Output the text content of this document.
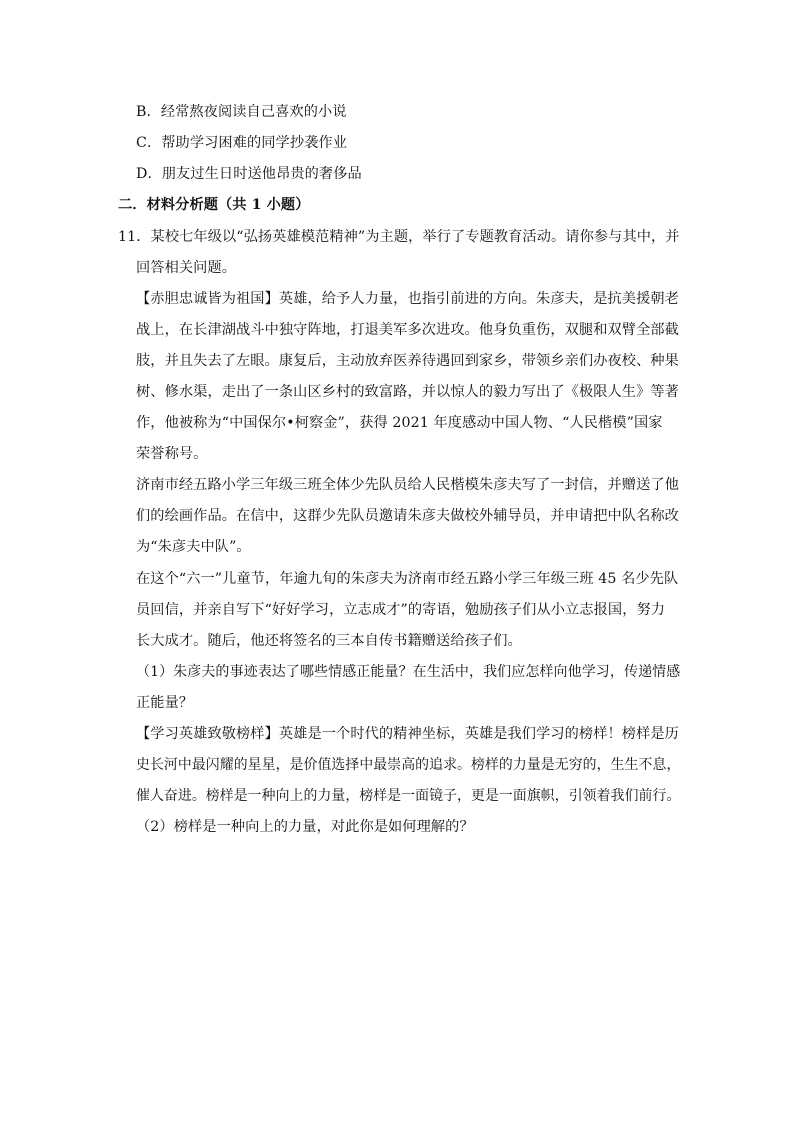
B．经常熬夜阅读自己喜欢的小说

C．帮助学习困难的同学抄袭作业

D．朋友过生日时送他昂贵的奢侈品

二．材料分析题（共 1 小题）

11．某校七年级以“弘扬英雄模范精神”为主题，举行了专题教育活动。请你参与其中，并

回答相关问题。

【赤胆忠诚皆为祖国】英雄，给予人力量，也指引前进的方向。朱彦夫，是抗美援朝老

战上，在长津湖战斗中独守阵地，打退美军多次进攻。他身负重伤，双腿和双臂全部截

肢，并且失去了左眼。康复后，主动放弃医养待遇回到家乡，带领乡亲们办夜校、种果

树、修水渠，走出了一条山区乡村的致富路，并以惊人的毅力写出了《极限人生》等著

作，他被称为“中国保尔•柯察金”，获得 2021 年度感动中国人物、“人民楷模”国家

荣誉称号。

济南市经五路小学三年级三班全体少先队员给人民楷模朱彦夫写了一封信，并赠送了他

们的绘画作品。在信中，这群少先队员邀请朱彦夫做校外辅导员，并申请把中队名称改

为“朱彦夫中队”。

在这个“六一”儿童节，年逾九旬的朱彦夫为济南市经五路小学三年级三班 45 名少先队

员回信，并亲自写下“好好学习，立志成才”的寄语，勉励孩子们从小立志报国，努力

长大成才。随后，他还将签名的三本自传书籍赠送给孩子们。

（1）朱彦夫的事迹表达了哪些情感正能量？在生活中，我们应怎样向他学习，传递情感

正能量？

【学习英雄致敬榜样】英雄是一个时代的精神坐标，英雄是我们学习的榜样！榜样是历

史长河中最闪耀的星星，是价值选择中最崇高的追求。榜样的力量是无穷的，生生不息，

催人奋进。榜样是一种向上的力量，榜样是一面镜子，更是一面旗帜，引领着我们前行。

（2）榜样是一种向上的力量，对此你是如何理解的？
